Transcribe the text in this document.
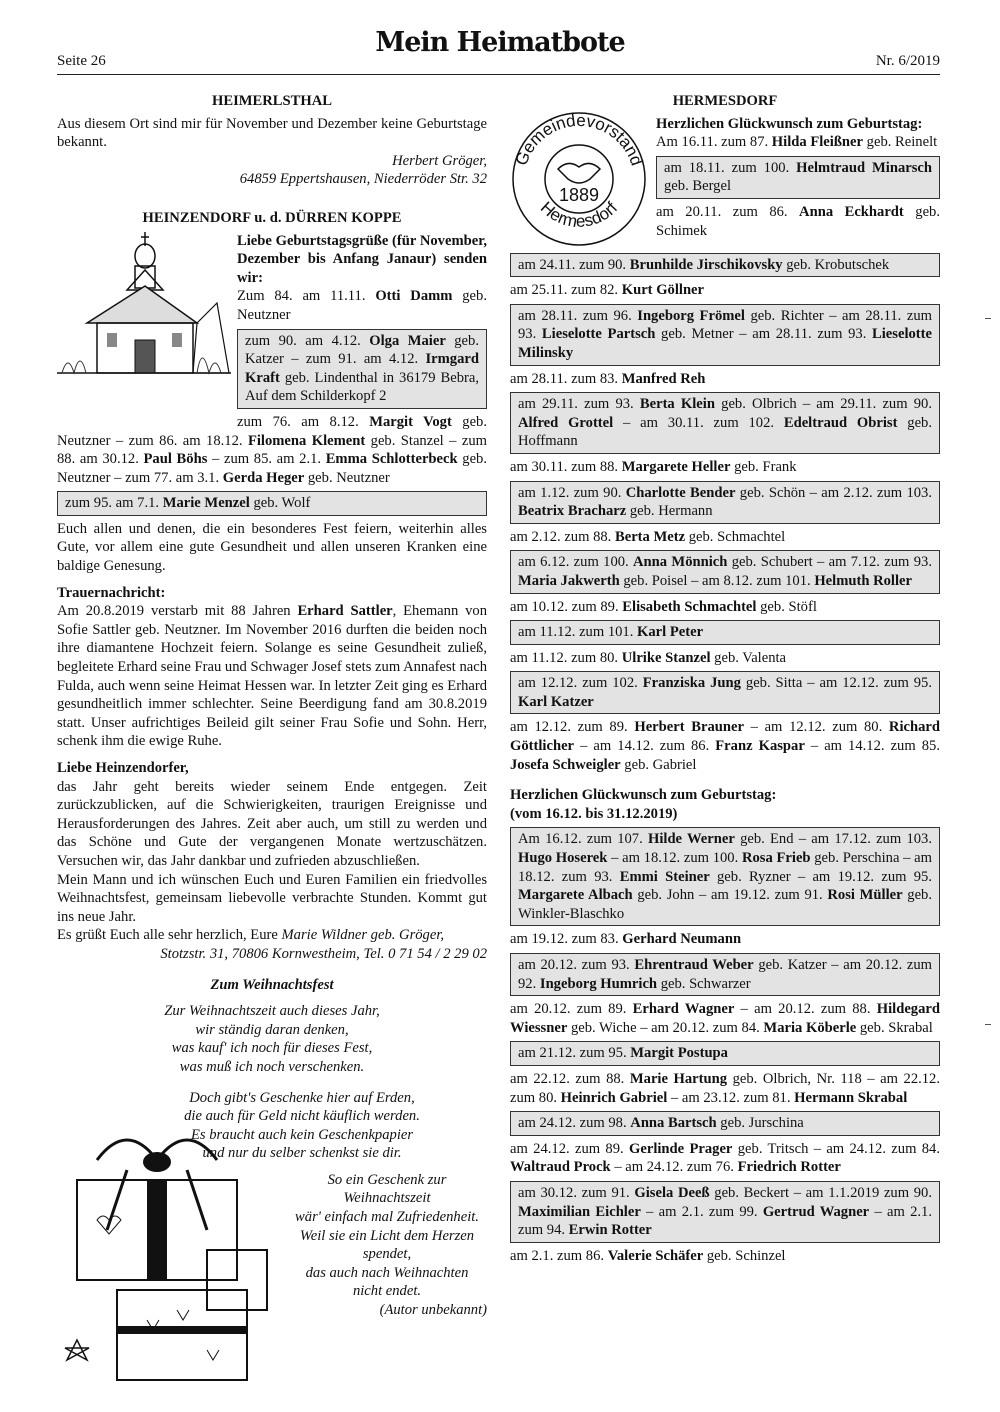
Seite 26
Mein Heimatbote
Nr. 6/2019
HEIMERLSTHAL

Aus diesem Ort sind mir für November und Dezember keine Geburtstage bekannt.

Herbert Gröger,

64859 Eppertshausen, Niederröder Str. 32

HEINZENDORF u. d. DÜRREN KOPPE

Liebe Geburtstagsgrüße (für November, Dezember bis Anfang Janaur) senden wir:

Zum 84. am 11.11. Otti Damm geb. Neutzner

zum 90. am 4.12. Olga Maier geb. Katzer – zum 91. am 4.12. Irmgard Kraft geb. Lindenthal in 36179 Bebra, Auf dem Schilderkopf 2

zum 76. am 8.12. Margit Vogt geb. Neutzner – zum 86. am 18.12. Filomena Klement geb. Stanzel – zum 88. am 30.12. Paul Böhs – zum 85. am 2.1. Emma Schlotterbeck geb. Neutzner – zum 77. am 3.1. Gerda Heger geb. Neutzner

zum 95. am 7.1. Marie Menzel geb. Wolf

Euch allen und denen, die ein besonderes Fest feiern, weiterhin alles Gute, vor allem eine gute Gesundheit und allen unseren Kranken eine baldige Genesung.

Trauernachricht:

Am 20.8.2019 verstarb mit 88 Jahren Erhard Sattler, Ehemann von Sofie Sattler geb. Neutzner. Im November 2016 durften die beiden noch ihre diamantene Hochzeit feiern. Solange es seine Gesundheit zuließ, begleitete Erhard seine Frau und Schwager Josef stets zum Annafest nach Fulda, auch wenn seine Heimat Hessen war. In letzter Zeit ging es Erhard gesundheitlich immer schlechter. Seine Beerdigung fand am 30.8.2019 statt. Unser aufrichtiges Beileid gilt seiner Frau Sofie und Sohn. Herr, schenk ihm die ewige Ruhe.

Liebe Heinzendorfer,

das Jahr geht bereits wieder seinem Ende entgegen. Zeit zurückzublicken, auf die Schwierigkeiten, traurigen Ereignisse und Herausforderungen des Jahres. Zeit aber auch, um still zu werden und das Schöne und Gute der vergangenen Monate wertzuschätzen. Versuchen wir, das Jahr dankbar und zufrieden abzuschließen.

Mein Mann und ich wünschen Euch und Euren Familien ein friedvolles Weihnachtsfest, gemeinsam liebevolle verbrachte Stunden. Kommt gut ins neue Jahr.

Es grüßt Euch alle sehr herzlich, Eure Marie Wildner geb. Gröger,

Stotzstr. 31, 70806 Kornwestheim, Tel. 0 71 54 / 2 29 02

Zum Weihnachtsfest
Zur Weihnachtszeit auch dieses Jahr,
wir ständig daran denken,
was kauf' ich noch für dieses Fest,
was muß ich noch verschenken.
Doch gibt's Geschenke hier auf Erden,
die auch für Geld nicht käuflich werden.
Es braucht auch kein Geschenkpapier
und nur du selber schenkst sie dir.
So ein Geschenk zur Weihnachtszeit
wär' einfach mal Zufriedenheit.
Weil sie ein Licht dem Herzen
spendet,
das auch nach Weihnachten
nicht endet.

(Autor unbekannt)

HERMESDORF
Gemeindevorstand
Hermesdorf
1889

Herzlichen Glückwunsch zum Geburtstag:

Am 16.11. zum 87. Hilda Fleißner geb. Reinelt

am 18.11. zum 100. Helmtraud Minarsch geb. Bergel

am 20.11. zum 86. Anna Eckhardt geb. Schimek

am 24.11. zum 90. Brunhilde Jirschikovsky geb. Krobutschek

am 25.11. zum 82. Kurt Göllner

am 28.11. zum 96. Ingeborg Frömel geb. Richter – am 28.11. zum 93. Lieselotte Partsch geb. Metner – am 28.11. zum 93. Lieselotte Milinsky

am 28.11. zum 83. Manfred Reh

am 29.11. zum 93. Berta Klein geb. Olbrich – am 29.11. zum 90. Alfred Grottel – am 30.11. zum 102. Edeltraud Obrist geb. Hoffmann

am 30.11. zum 88. Margarete Heller geb. Frank

am 1.12. zum 90. Charlotte Bender geb. Schön – am 2.12. zum 103. Beatrix Bracharz geb. Hermann

am 2.12. zum 88. Berta Metz geb. Schmachtel

am 6.12. zum 100. Anna Mönnich geb. Schubert – am 7.12. zum 93. Maria Jakwerth geb. Poisel – am 8.12. zum 101. Helmuth Roller

am 10.12. zum 89. Elisabeth Schmachtel geb. Stöfl

am 11.12. zum 101. Karl Peter

am 11.12. zum 80. Ulrike Stanzel geb. Valenta

am 12.12. zum 102. Franziska Jung geb. Sitta – am 12.12. zum 95. Karl Katzer

am 12.12. zum 89. Herbert Brauner – am 12.12. zum 80. Richard Göttlicher – am 14.12. zum 86. Franz Kaspar – am 14.12. zum 85. Josefa Schweigler geb. Gabriel

Herzlichen Glückwunsch zum Geburtstag:

(vom 16.12. bis 31.12.2019)

Am 16.12. zum 107. Hilde Werner geb. End – am 17.12. zum 103. Hugo Hoserek – am 18.12. zum 100. Rosa Frieb geb. Perschina – am 18.12. zum 93. Emmi Steiner geb. Ryzner – am 19.12. zum 95. Margarete Albach geb. John – am 19.12. zum 91. Rosi Müller geb. Winkler-Blaschko

am 19.12. zum 83. Gerhard Neumann

am 20.12. zum 93. Ehrentraud Weber geb. Katzer – am 20.12. zum 92. Ingeborg Humrich geb. Schwarzer

am 20.12. zum 89. Erhard Wagner – am 20.12. zum 88. Hildegard Wiessner geb. Wiche – am 20.12. zum 84. Maria Köberle geb. Skrabal

am 21.12. zum 95. Margit Postupa

am 22.12. zum 88. Marie Hartung geb. Olbrich, Nr. 118 – am 22.12. zum 80. Heinrich Gabriel – am 23.12. zum 81. Hermann Skrabal

am 24.12. zum 98. Anna Bartsch geb. Jurschina

am 24.12. zum 89. Gerlinde Prager geb. Tritsch – am 24.12. zum 84. Waltraud Prock – am 24.12. zum 76. Friedrich Rotter

am 30.12. zum 91. Gisela Deeß geb. Beckert – am 1.1.2019 zum 90. Maximilian Eichler – am 2.1. zum 99. Gertrud Wagner – am 2.1. zum 94. Erwin Rotter

am 2.1. zum 86. Valerie Schäfer geb. Schinzel
